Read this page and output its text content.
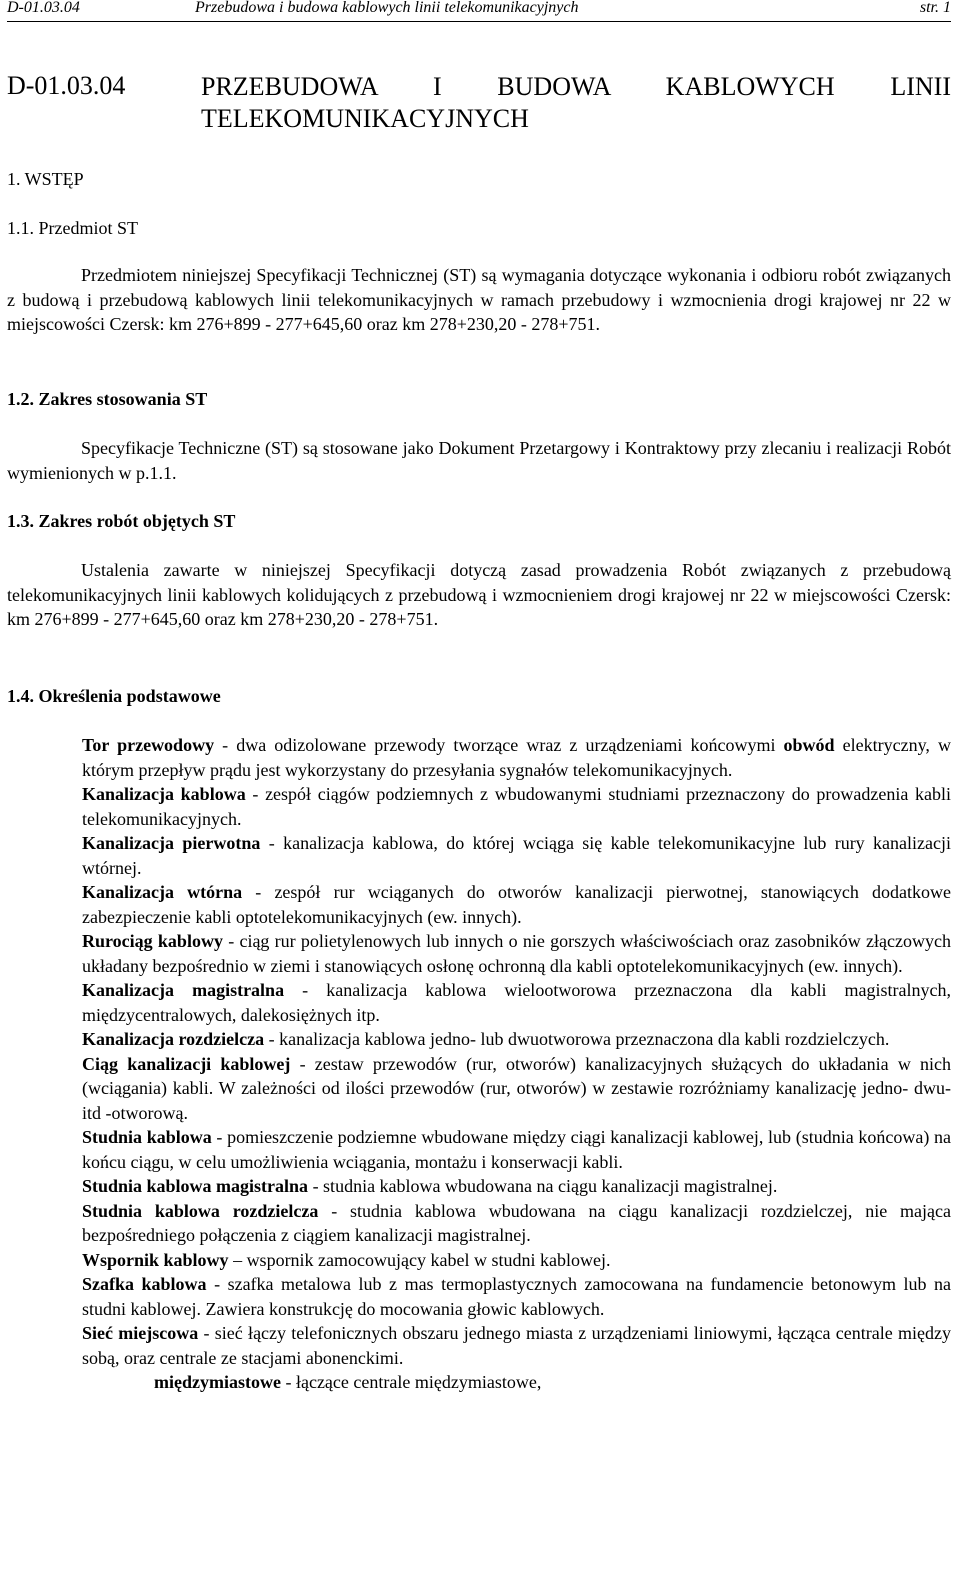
D-01.03.04	Przebudowa i budowa kablowych linii telekomunikacyjnych	str. 1
D-01.03.04	PRZEBUDOWA I BUDOWA KABLOWYCH LINII TELEKOMUNIKACYJNYCH
1. WSTĘP
1.1. Przedmiot ST
Przedmiotem niniejszej Specyfikacji Technicznej (ST) są wymagania dotyczące wykonania i odbioru robót związanych z budową i przebudową kablowych linii telekomunikacyjnych w ramach przebudowy i wzmocnienia drogi krajowej nr 22 w miejscowości Czersk: km 276+899 - 277+645,60 oraz km 278+230,20 - 278+751.
1.2. Zakres stosowania ST
Specyfikacje Techniczne (ST) są stosowane jako Dokument Przetargowy i Kontraktowy przy zlecaniu i realizacji Robót wymienionych w p.1.1.
1.3. Zakres robót objętych ST
Ustalenia zawarte w niniejszej Specyfikacji dotyczą zasad prowadzenia Robót związanych z przebudową telekomunikacyjnych linii kablowych kolidujących z przebudową i wzmocnieniem drogi krajowej nr 22 w miejscowości Czersk: km 276+899 - 277+645,60 oraz km 278+230,20 - 278+751.
1.4. Określenia podstawowe

Tor przewodowy - dwa odizolowane przewody tworzące wraz z urządzeniami końcowymi obwód elektryczny, w którym przepływ prądu jest wykorzystany do przesyłania sygnałów telekomunikacyjnych.

Kanalizacja kablowa - zespół ciągów podziemnych z wbudowanymi studniami przeznaczony do prowadzenia kabli telekomunikacyjnych.

Kanalizacja pierwotna - kanalizacja kablowa, do której wciąga się kable telekomunikacyjne lub rury kanalizacji wtórnej.

Kanalizacja wtórna - zespół rur wciąganych do otworów kanalizacji pierwotnej, stanowiących dodatkowe zabezpieczenie kabli optotelekomunikacyjnych (ew. innych).

Rurociąg kablowy - ciąg rur polietylenowych lub innych o nie gorszych właściwościach oraz zasobników złączowych układany bezpośrednio w ziemi i stanowiących osłonę ochronną dla kabli optotelekomunikacyjnych (ew. innych).

Kanalizacja magistralna - kanalizacja kablowa wielootworowa przeznaczona dla kabli magistralnych, międzycentralowych, dalekosiężnych itp.

Kanalizacja rozdzielcza - kanalizacja kablowa jedno- lub dwuotworowa przeznaczona dla kabli rozdzielczych.

Ciąg kanalizacji kablowej - zestaw przewodów (rur, otworów) kanalizacyjnych służących do układania w nich (wciągania) kabli. W zależności od ilości przewodów (rur, otworów) w zestawie rozróżniamy kanalizację jedno- dwu- itd -otworową.

Studnia kablowa - pomieszczenie podziemne wbudowane między ciągi kanalizacji kablowej, lub (studnia końcowa) na końcu ciągu, w celu umożliwienia wciągania, montażu i konserwacji kabli.

Studnia kablowa magistralna - studnia kablowa wbudowana na ciągu kanalizacji magistralnej.

Studnia kablowa rozdzielcza - studnia kablowa wbudowana na ciągu kanalizacji rozdzielczej, nie mająca bezpośredniego połączenia z ciągiem kanalizacji magistralnej.

Wspornik kablowy – wspornik zamocowujący kabel w studni kablowej.

Szafka kablowa - szafka metalowa lub z mas termoplastycznych zamocowana na fundamencie betonowym lub na studni kablowej. Zawiera konstrukcję do mocowania głowic kablowych.

Sieć miejscowa - sieć łączy telefonicznych obszaru jednego miasta z urządzeniami liniowymi, łącząca centrale między sobą, oraz centrale ze stacjami abonenckimi.

międzymiastowe - łączące centrale międzymiastowe,
